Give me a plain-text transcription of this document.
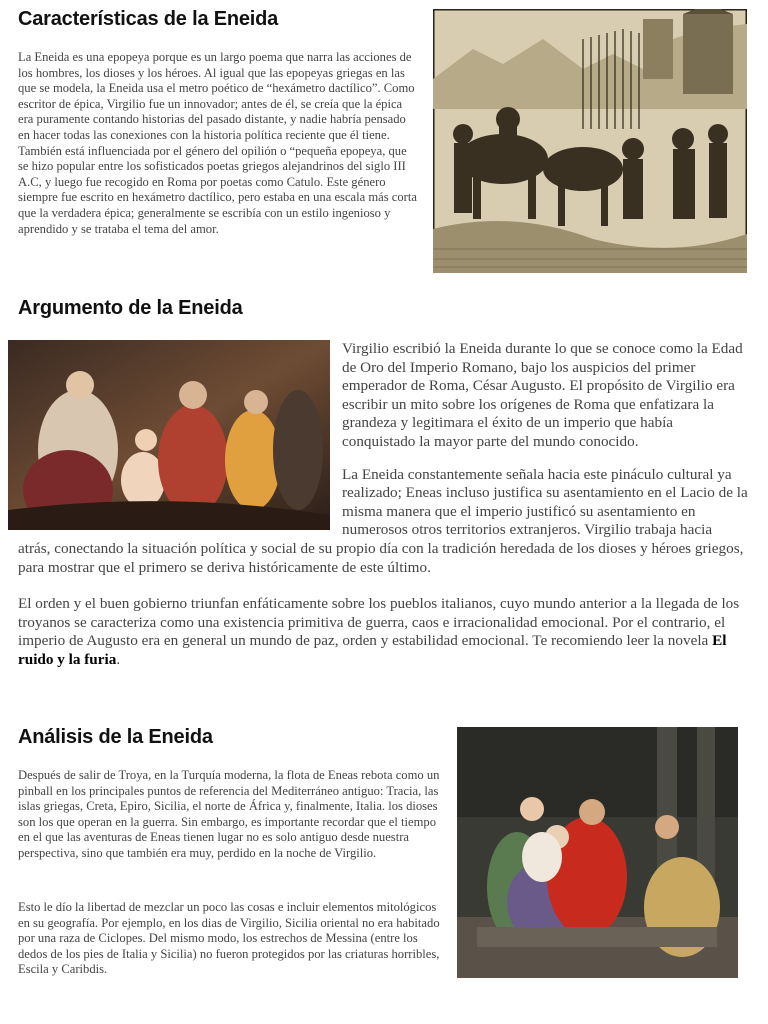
Características de la Eneida

La Eneida es una epopeya porque es un largo poema que narra las acciones de los hombres, los dioses y los héroes. Al igual que las epopeyas griegas en las que se modela, la Eneida usa el metro poético de “hexámetro dactílico”. Como escritor de épica, Virgilio fue un innovador; antes de él, se creía que la épica era puramente contando historias del pasado distante, y nadie habría pensado en hacer todas las conexiones con la historia política reciente que él tiene. También está influenciada por el género del opilión o “pequeña epopeya, que se hizo popular entre los sofisticados poetas griegos alejandrinos del siglo III A.C, y luego fue recogido en Roma por poetas como Catulo. Este género siempre fue escrito en hexámetro dactílico, pero estaba en una escala más corta que la verdadera épica; generalmente se escribía con un estilo ingenioso y aprendido y se trataba el tema del amor.

Argumento de la Eneida

Virgilio escribió la Eneida durante lo que se conoce como la Edad de Oro del Imperio Romano, bajo los auspicios del primer emperador de Roma, César Augusto. El propósito de Virgilio era escribir un mito sobre los orígenes de Roma que enfatizara la grandeza y legitimara el éxito de un imperio que había conquistado la mayor parte del mundo conocido.

La Eneida constantemente señala hacia este pináculo cultural ya realizado; Eneas incluso justifica su asentamiento en el Lacio de la misma manera que el imperio justificó su asentamiento en numerosos otros territorios extranjeros. Virgilio trabaja hacia atrás, conectando la situación política y social de su propio día con la tradición heredada de los dioses y héroes griegos, para mostrar que el primero se deriva históricamente de este último.

El orden y el buen gobierno triunfan enfáticamente sobre los pueblos italianos, cuyo mundo anterior a la llegada de los troyanos se caracteriza como una existencia primitiva de guerra, caos e irracionalidad emocional. Por el contrario, el imperio de Augusto era en general un mundo de paz, orden y estabilidad emocional. Te recomiendo leer la novela El ruido y la furia.

Análisis de la Eneida

Después de salir de Troya, en la Turquía moderna, la flota de Eneas rebota como un pinball en los principales puntos de referencia del Mediterráneo antiguo: Tracia, las islas griegas, Creta, Epiro, Sicilia, el norte de África y, finalmente, Italia. los dioses son los que operan en la guerra. Sin embargo, es importante recordar que el tiempo en el que las aventuras de Eneas tienen lugar no es solo antiguo desde nuestra perspectiva, sino que también era muy, perdido en la noche de Virgilio.

Esto le dío la libertad de mezclar un poco las cosas e incluir elementos mitológicos en su geografía. Por ejemplo, en los dias de Virgilio, Sicilia oriental no era habitado por una raza de Ciclopes. Del mismo modo, los estrechos de Messina (entre los dedos de los pies de Italia y Sicilia) no fueron protegidos por las criaturas horribles, Escila y Caribdis.
